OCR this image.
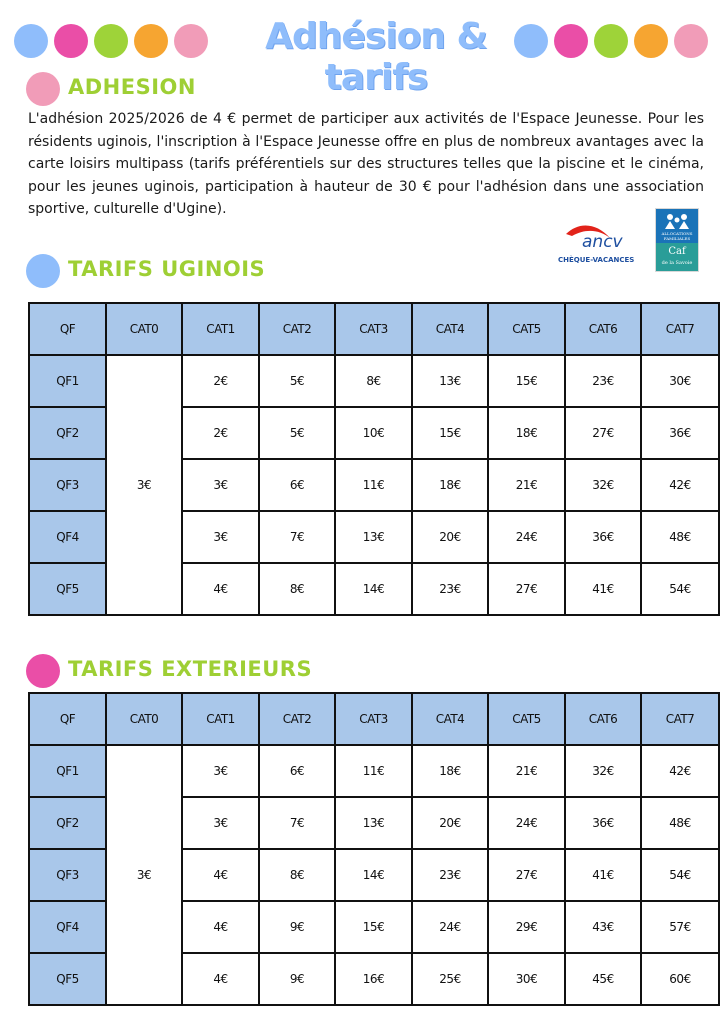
Adhésion & tarifs
ADHESION

L'adhésion 2025/2026 de 4 € permet de participer aux activités de l'Espace Jeunesse. Pour les résidents uginois, l'inscription à l'Espace Jeunesse offre en plus de nombreux avantages avec la carte loisirs multipass (tarifs préférentiels sur des structures telles que la piscine et le cinéma, pour les jeunes uginois, participation à hauteur de 30 € pour l'adhésion dans une association sportive, culturelle d'Ugine).

ancv
CHÈQUE-VACANCES
ALLOCATIONS FAMILIALES
Caf
de la Savoie
TARIFS UGINOIS
QF	CAT0	CAT1	CAT2	CAT3	CAT4	CAT5	CAT6	CAT7
QF1	3€	2€	5€	8€	13€	15€	23€	30€
QF2		2€	5€	10€	15€	18€	27€	36€
QF3		3€	6€	11€	18€	21€	32€	42€
QF4		3€	7€	13€	20€	24€	36€	48€
QF5		4€	8€	14€	23€	27€	41€	54€
TARIFS EXTERIEURS
QF	CAT0	CAT1	CAT2	CAT3	CAT4	CAT5	CAT6	CAT7
QF1	3€	3€	6€	11€	18€	21€	32€	42€
QF2		3€	7€	13€	20€	24€	36€	48€
QF3		4€	8€	14€	23€	27€	41€	54€
QF4		4€	9€	15€	24€	29€	43€	57€
QF5		4€	9€	16€	25€	30€	45€	60€
